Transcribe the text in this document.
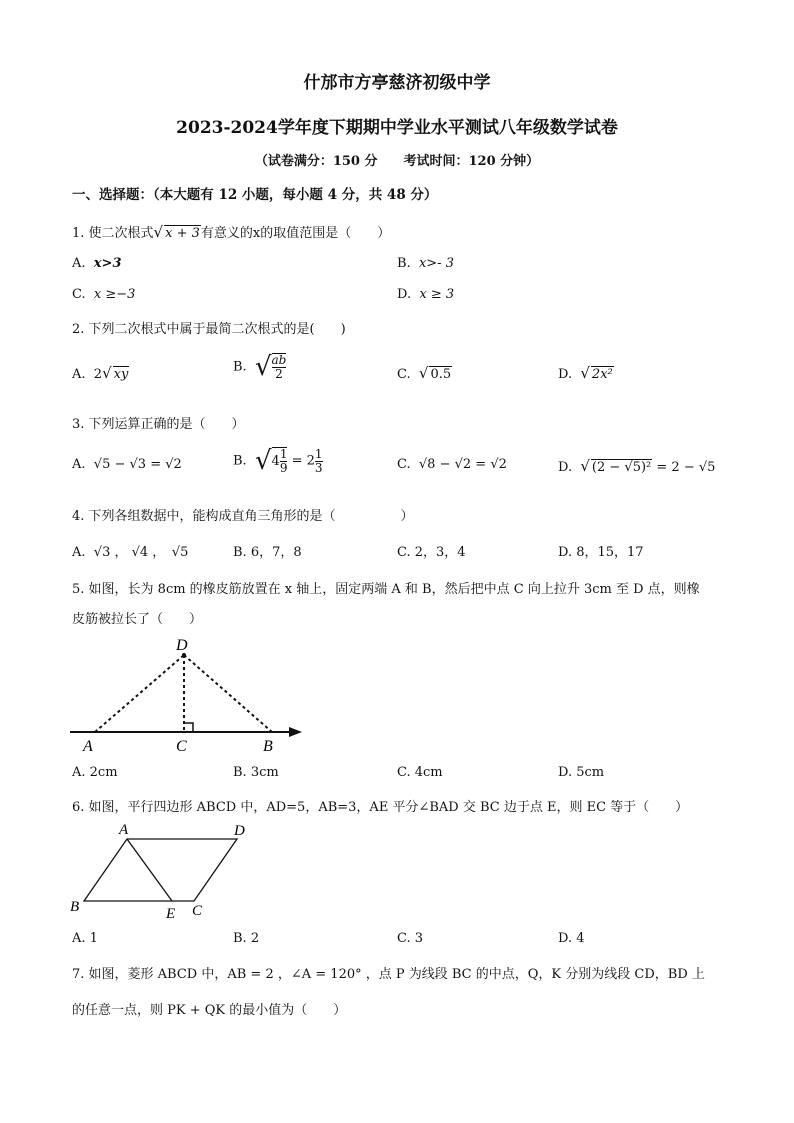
什邡市方亭慈济初级中学
2023-2024学年度下期期中学业水平测试八年级数学试卷
（试卷满分：150 分　　考试时间：120 分钟）
一、选择题：（本大题有 12 小题，每小题 4 分，共 48 分）
1. 使二次根式√ x + 3有意义的x的取值范围是（　　）
A. x>3	B. x>- 3
C. x ≥−3	D. x ≥ 3
2. 下列二次根式中属于最简二次根式的是(　　)
A. 2√ xy	B. √ $\frac{ab}{2}$	C. √ 0.5	D. √ 2x²
3. 下列运算正确的是（　　）
A. √5 − √3 = √2	B. $√4 \frac{1}{9} = 2 \frac{1}{3}$	C. √8 − √2 = √2	D. √ (2 − √5)² = 2 − √5
4. 下列各组数据中，能构成直角三角形的是（　　　　　）
A. √3 ， √4 ，　√5	B. 6，7，8	C. 2，3，4	D. 8，15，17
5. 如图，长为 8cm 的橡皮筋放置在 x 轴上，固定两端 A 和 B，然后把中点 C 向上拉升 3cm 至 D 点，则橡
皮筋被拉长了（　　）
D
A	C	B
A. 2cm	B. 3cm	C. 4cm	D. 5cm
6. 如图，平行四边形 ABCD 中，AD=5，AB=3，AE 平分∠BAD 交 BC 边于点 E，则 EC 等于（　　）
A	D
B	E C
A. 1	B. 2	C. 3	D. 4
7. 如图，菱形 ABCD 中，AB = 2 ，∠A = 120° ，点 P 为线段 BC 的中点，Q，K 分别为线段 CD，BD 上
的任意一点，则 PK + QK 的最小值为（　　）
